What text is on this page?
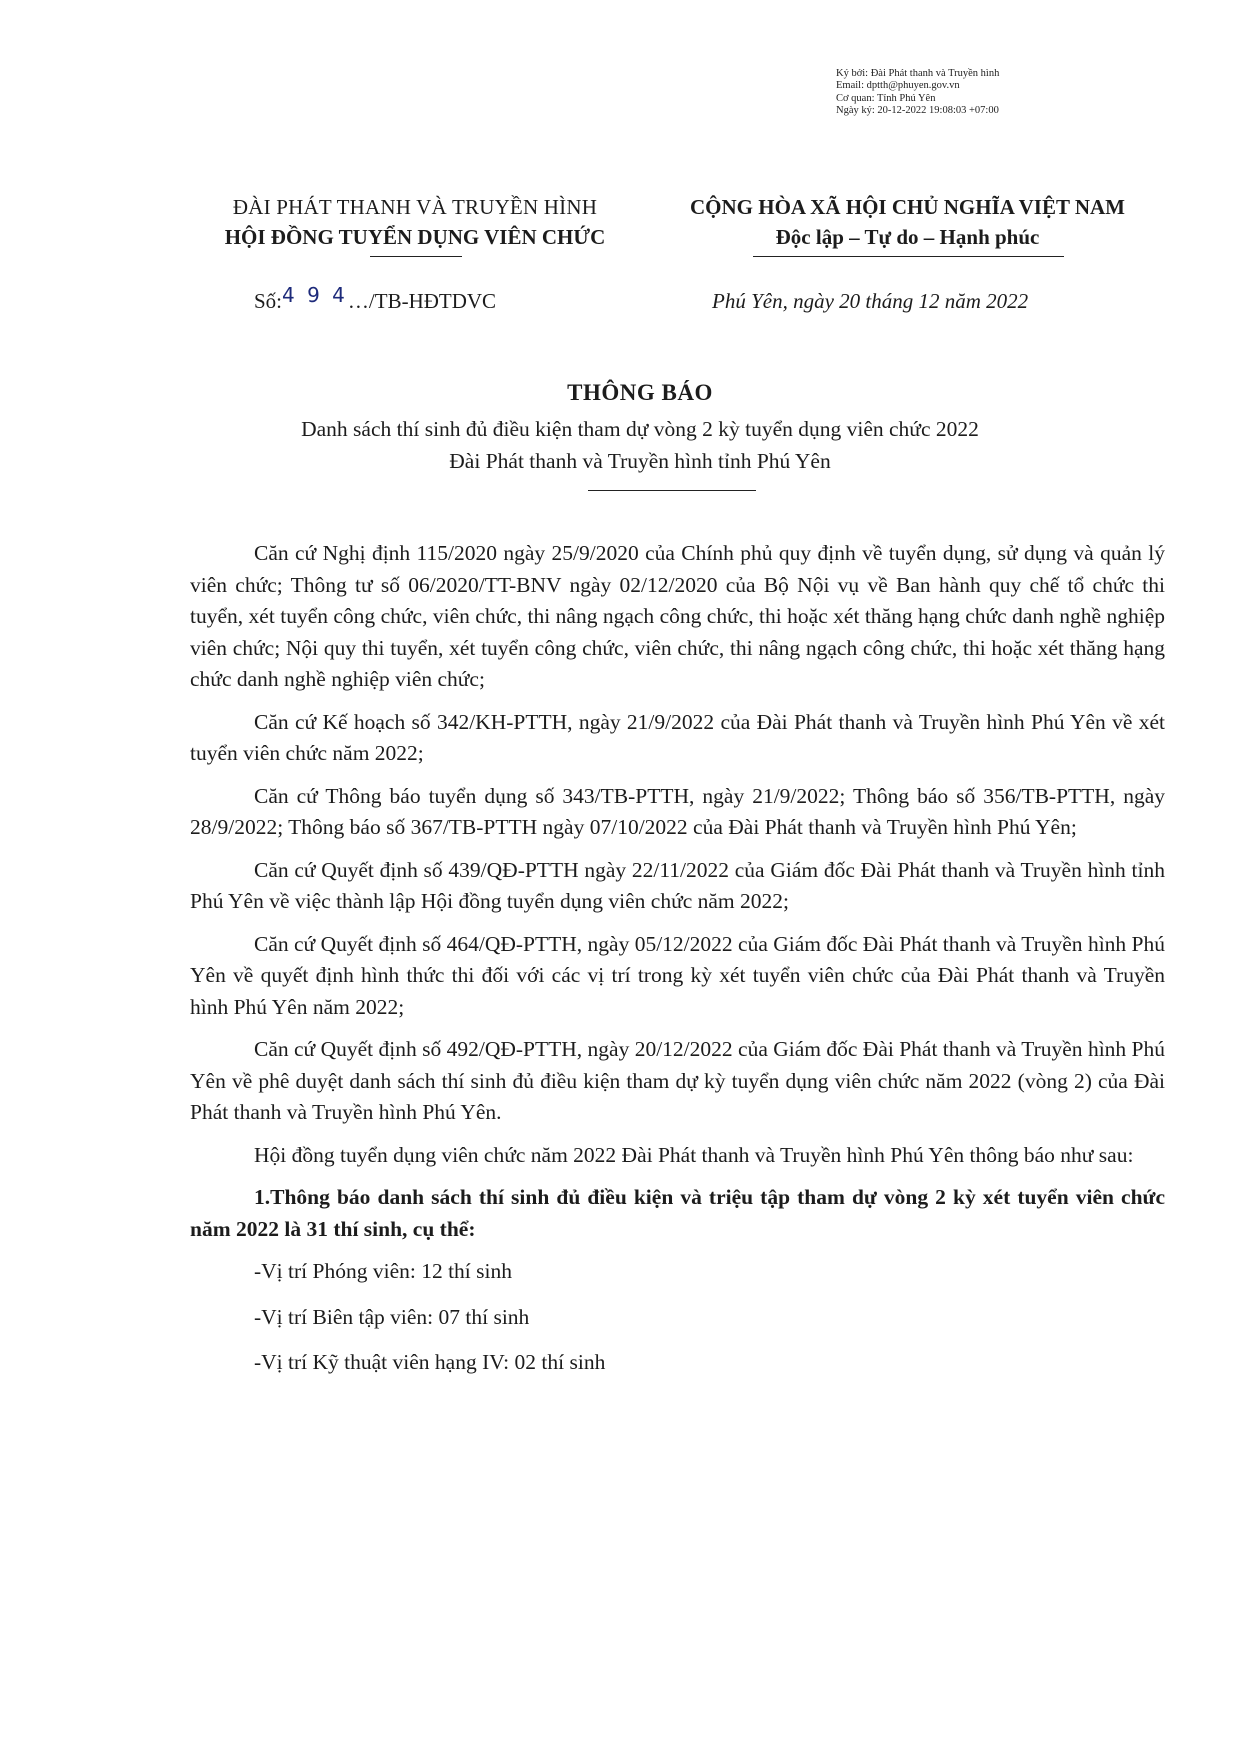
Ký bởi: Đài Phát thanh và Truyền hình
Email: dptth@phuyen.gov.vn
Cơ quan: Tỉnh Phú Yên
Ngày ký: 20-12-2022 19:08:03 +07:00
ĐÀI PHÁT THANH VÀ TRUYỀN HÌNH
HỘI ĐỒNG TUYỂN DỤNG VIÊN CHỨC
CỘNG HÒA XÃ HỘI CHỦ NGHĨA VIỆT NAM
Độc lập – Tự do – Hạnh phúc
Số:4 9 4…/TB-HĐTDVC	Phú Yên, ngày 20 tháng 12 năm 2022
THÔNG BÁO
Danh sách thí sinh đủ điều kiện tham dự vòng 2 kỳ tuyển dụng viên chức 2022
Đài Phát thanh và Truyền hình tỉnh Phú Yên

Căn cứ Nghị định 115/2020 ngày 25/9/2020 của Chính phủ quy định về tuyển dụng, sử dụng và quản lý viên chức; Thông tư số 06/2020/TT-BNV ngày 02/12/2020 của Bộ Nội vụ về Ban hành quy chế tổ chức thi tuyển, xét tuyển công chức, viên chức, thi nâng ngạch công chức, thi hoặc xét thăng hạng chức danh nghề nghiệp viên chức; Nội quy thi tuyển, xét tuyển công chức, viên chức, thi nâng ngạch công chức, thi hoặc xét thăng hạng chức danh nghề nghiệp viên chức;

Căn cứ Kế hoạch số 342/KH-PTTH, ngày 21/9/2022 của Đài Phát thanh và Truyền hình Phú Yên về xét tuyển viên chức năm 2022;

Căn cứ Thông báo tuyển dụng số 343/TB-PTTH, ngày 21/9/2022; Thông báo số 356/TB-PTTH, ngày 28/9/2022; Thông báo số 367/TB-PTTH ngày 07/10/2022 của Đài Phát thanh và Truyền hình Phú Yên;

Căn cứ Quyết định số 439/QĐ-PTTH ngày 22/11/2022 của Giám đốc Đài Phát thanh và Truyền hình tỉnh Phú Yên về việc thành lập Hội đồng tuyển dụng viên chức năm 2022;

Căn cứ Quyết định số 464/QĐ-PTTH, ngày 05/12/2022 của Giám đốc Đài Phát thanh và Truyền hình Phú Yên về quyết định hình thức thi đối với các vị trí trong kỳ xét tuyển viên chức của Đài Phát thanh và Truyền hình Phú Yên năm 2022;

Căn cứ Quyết định số 492/QĐ-PTTH, ngày 20/12/2022 của Giám đốc Đài Phát thanh và Truyền hình Phú Yên về phê duyệt danh sách thí sinh đủ điều kiện tham dự kỳ tuyển dụng viên chức năm 2022 (vòng 2) của Đài Phát thanh và Truyền hình Phú Yên.

Hội đồng tuyển dụng viên chức năm 2022 Đài Phát thanh và Truyền hình Phú Yên thông báo như sau:

1.Thông báo danh sách thí sinh đủ điều kiện và triệu tập tham dự vòng 2 kỳ xét tuyển viên chức năm 2022 là 31 thí sinh, cụ thể:

-Vị trí Phóng viên: 12 thí sinh

-Vị trí Biên tập viên: 07 thí sinh

-Vị trí Kỹ thuật viên hạng IV: 02 thí sinh
